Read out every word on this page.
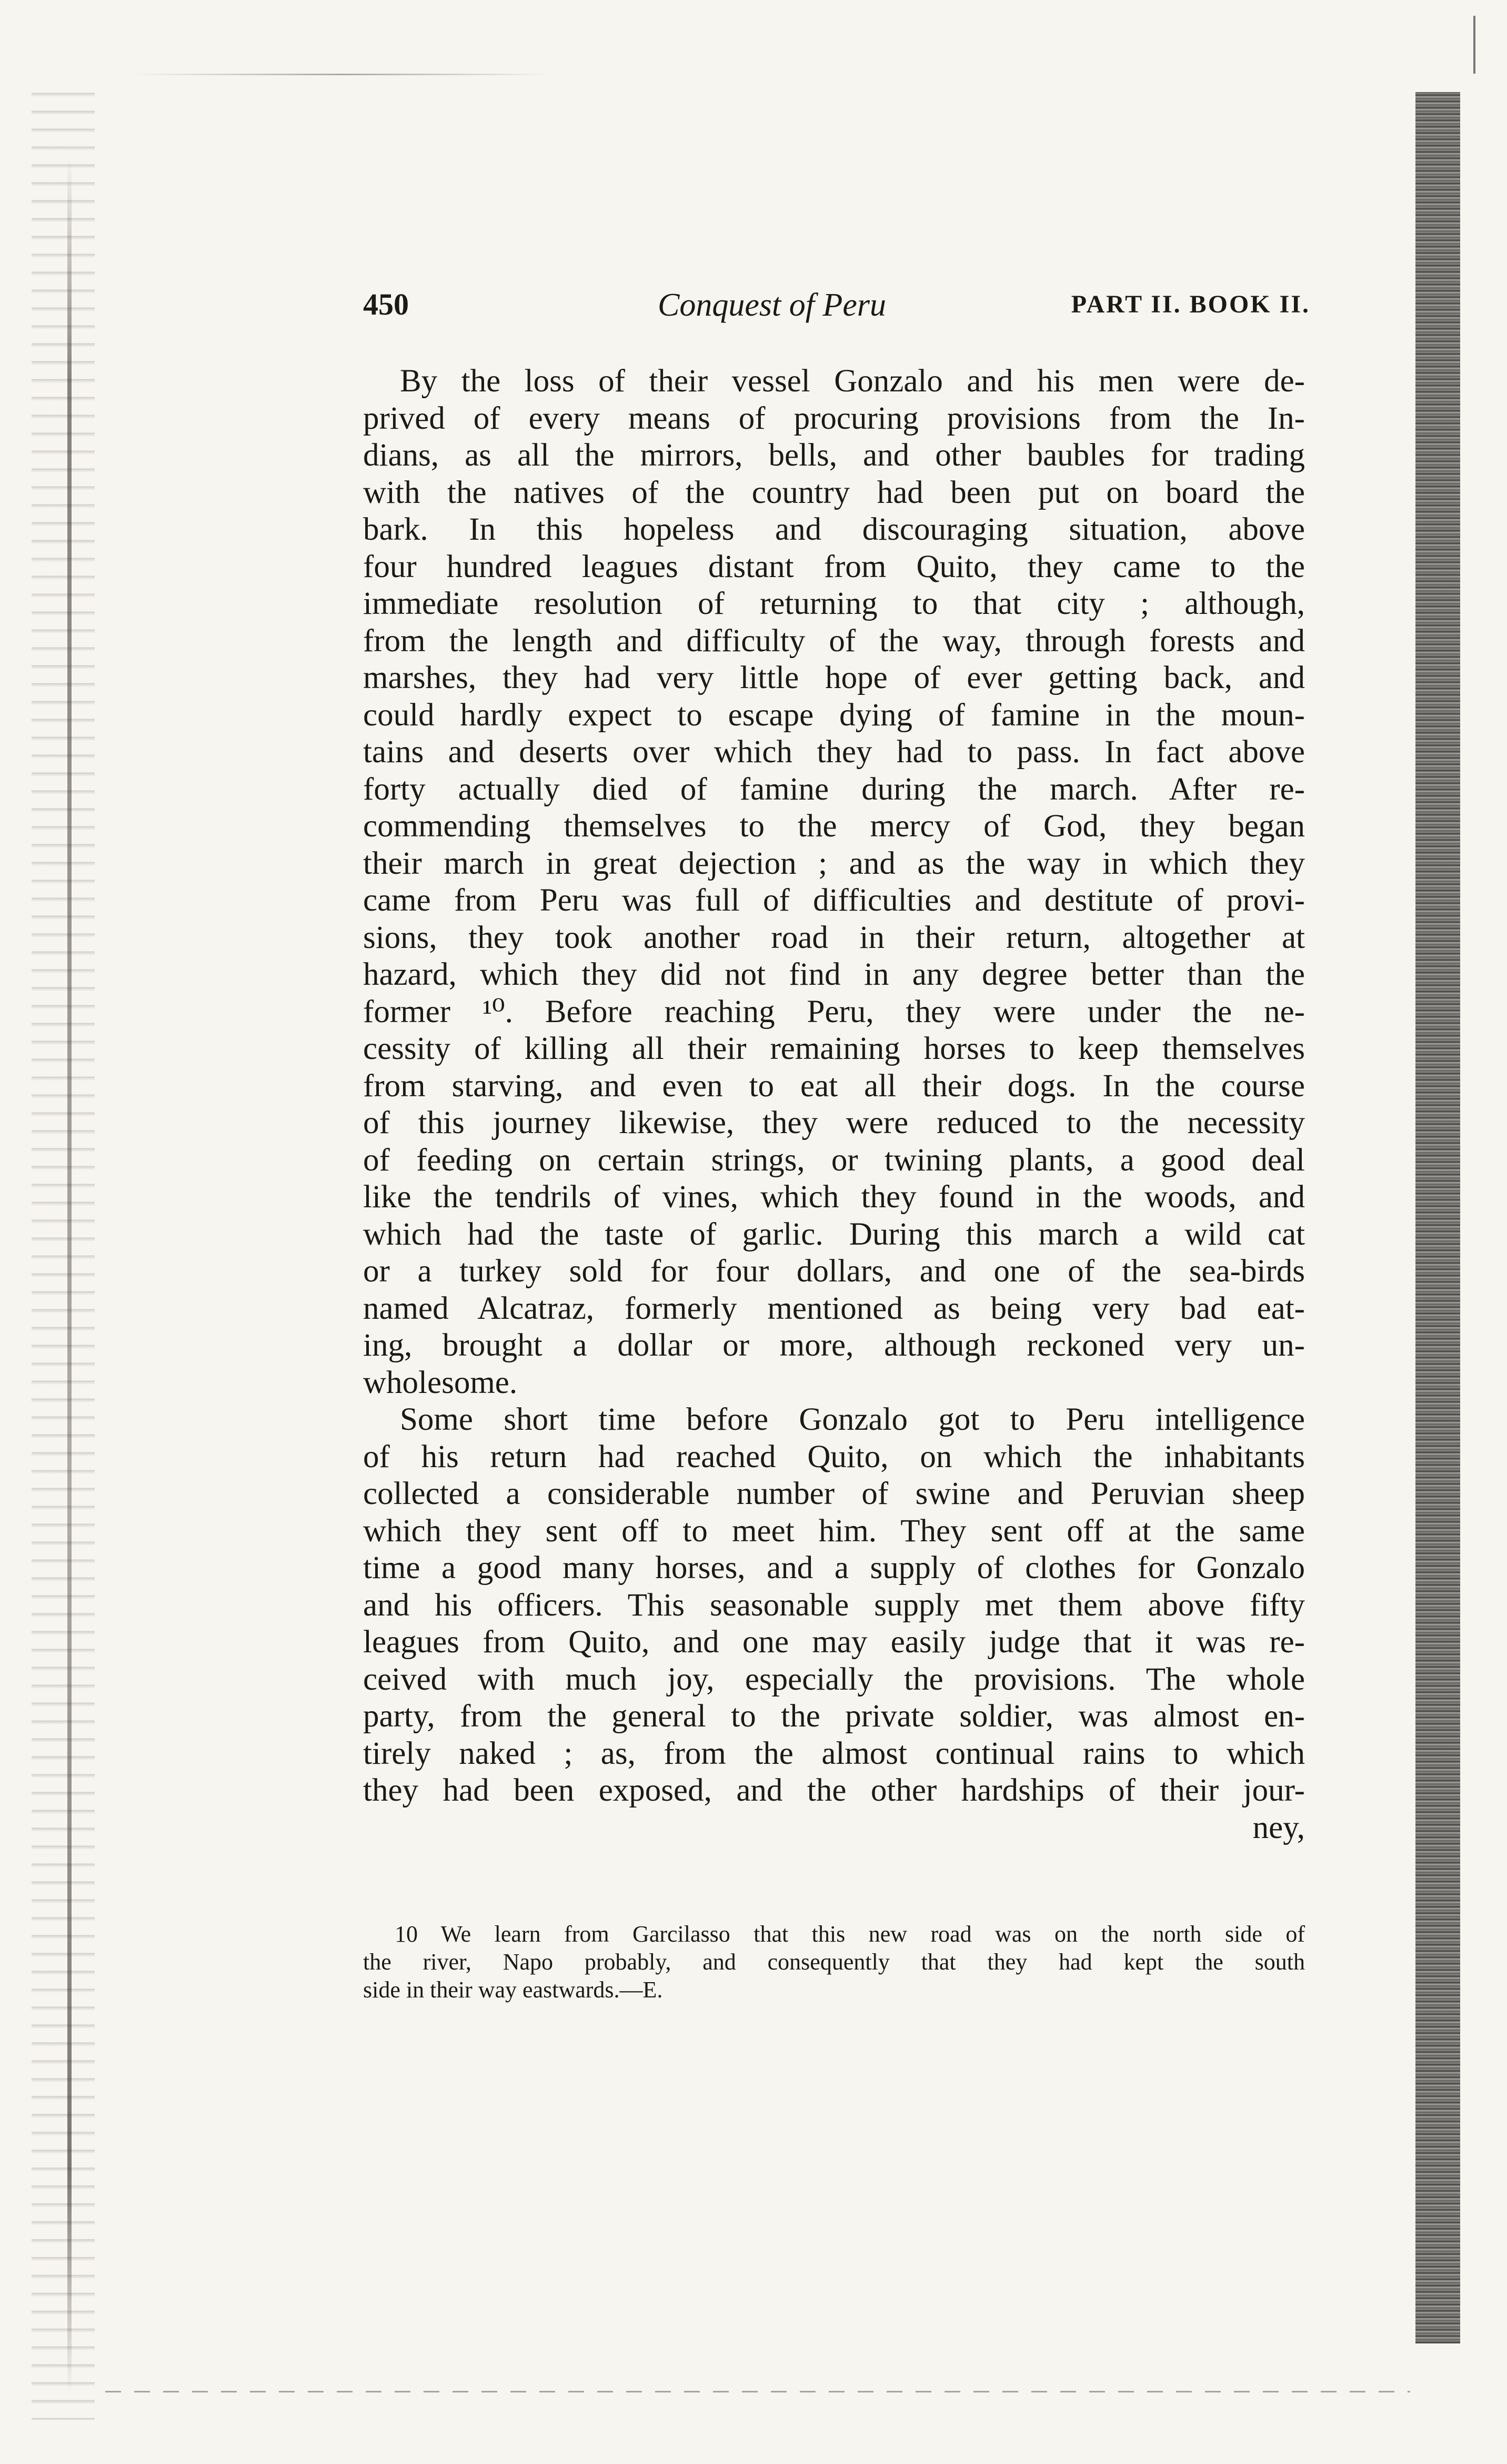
450	Conquest of Peru	PART II. BOOK II.
By the loss of their vessel Gonzalo and his men were de-
prived of every means of procuring provisions from the In-
dians, as all the mirrors, bells, and other baubles for trading
with the natives of the country had been put on board the
bark. In this hopeless and discouraging situation, above
four hundred leagues distant from Quito, they came to the
immediate resolution of returning to that city ; although,
from the length and difficulty of the way, through forests and
marshes, they had very little hope of ever getting back, and
could hardly expect to escape dying of famine in the moun-
tains and deserts over which they had to pass. In fact above
forty actually died of famine during the march. After re-
commending themselves to the mercy of God, they began
their march in great dejection ; and as the way in which they
came from Peru was full of difficulties and destitute of provi-
sions, they took another road in their return, altogether at
hazard, which they did not find in any degree better than the
former ¹⁰. Before reaching Peru, they were under the ne-
cessity of killing all their remaining horses to keep themselves
from starving, and even to eat all their dogs. In the course
of this journey likewise, they were reduced to the necessity
of feeding on certain strings, or twining plants, a good deal
like the tendrils of vines, which they found in the woods, and
which had the taste of garlic. During this march a wild cat
or a turkey sold for four dollars, and one of the sea-birds
named Alcatraz, formerly mentioned as being very bad eat-
ing, brought a dollar or more, although reckoned very un-
wholesome.
Some short time before Gonzalo got to Peru intelligence
of his return had reached Quito, on which the inhabitants
collected a considerable number of swine and Peruvian sheep
which they sent off to meet him. They sent off at the same
time a good many horses, and a supply of clothes for Gonzalo
and his officers. This seasonable supply met them above fifty
leagues from Quito, and one may easily judge that it was re-
ceived with much joy, especially the provisions. The whole
party, from the general to the private soldier, was almost en-
tirely naked ; as, from the almost continual rains to which
they had been exposed, and the other hardships of their jour-
ney,
10 We learn from Garcilasso that this new road was on the north side of
the river, Napo probably, and consequently that they had kept the south
side in their way eastwards.—E.
